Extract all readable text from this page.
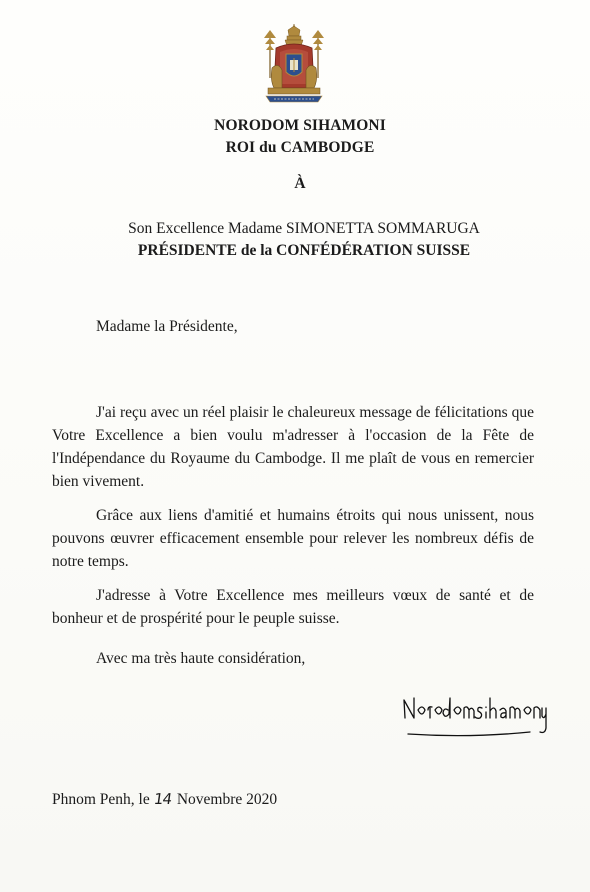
NORODOM SIHAMONI
ROI du CAMBODGE
À
Son Excellence Madame SIMONETTA SOMMARUGA
PRÉSIDENTE de la CONFÉDÉRATION SUISSE
Madame la Présidente,

J'ai reçu avec un réel plaisir le chaleureux message de félicitations que Votre Excellence a bien voulu m'adresser à l'occasion de la Fête de l'Indépendance du Royaume du Cambodge. Il me plaît de vous en remercier bien vivement.

Grâce aux liens d'amitié et humains étroits qui nous unissent, nous pouvons œuvrer efficacement ensemble pour relever les nombreux défis de notre temps.

J'adresse à Votre Excellence mes meilleurs vœux de santé et de bonheur et de prospérité pour le peuple suisse.

Avec ma très haute considération,
Phnom Penh, le 14 Novembre 2020
